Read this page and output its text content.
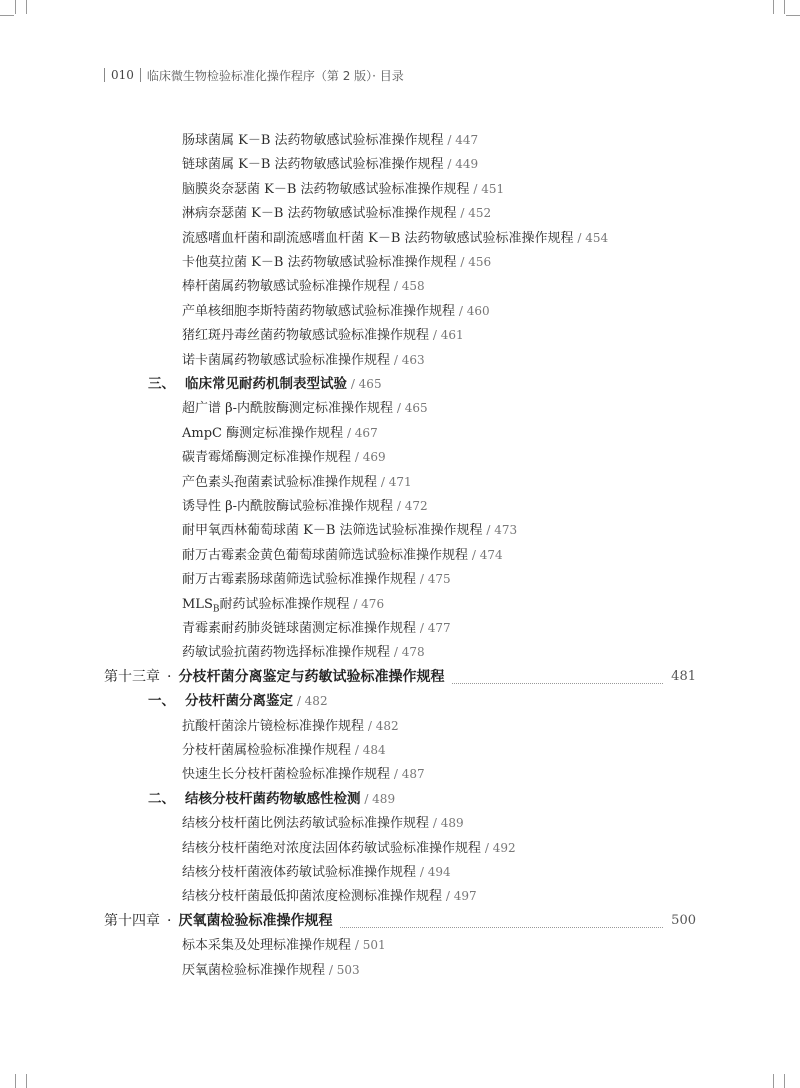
010 临床微生物检验标准化操作程序（第 2 版）· 目录
肠球菌属 K－B 法药物敏感试验标准操作规程 / 447
链球菌属 K－B 法药物敏感试验标准操作规程 / 449
脑膜炎奈瑟菌 K－B 法药物敏感试验标准操作规程 / 451
淋病奈瑟菌 K－B 法药物敏感试验标准操作规程 / 452
流感嗜血杆菌和副流感嗜血杆菌 K－B 法药物敏感试验标准操作规程 / 454
卡他莫拉菌 K－B 法药物敏感试验标准操作规程 / 456
棒杆菌属药物敏感试验标准操作规程 / 458
产单核细胞李斯特菌药物敏感试验标准操作规程 / 460
猪红斑丹毒丝菌药物敏感试验标准操作规程 / 461
诺卡菌属药物敏感试验标准操作规程 / 463
三、 临床常见耐药机制表型试验 / 465
超广谱 β-内酰胺酶测定标准操作规程 / 465
AmpC 酶测定标准操作规程 / 467
碳青霉烯酶测定标准操作规程 / 469
产色素头孢菌素试验标准操作规程 / 471
诱导性 β-内酰胺酶试验标准操作规程 / 472
耐甲氧西林葡萄球菌 K－B 法筛选试验标准操作规程 / 473
耐万古霉素金黄色葡萄球菌筛选试验标准操作规程 / 474
耐万古霉素肠球菌筛选试验标准操作规程 / 475
$MLS_B$耐药试验标准操作规程 / 476
青霉素耐药肺炎链球菌测定标准操作规程 / 477
药敏试验抗菌药物选择标准操作规程 / 478
第十三章 · 分枝杆菌分离鉴定与药敏试验标准操作规程	481
一、 分枝杆菌分离鉴定 / 482
抗酸杆菌涂片镜检标准操作规程 / 482
分枝杆菌属检验标准操作规程 / 484
快速生长分枝杆菌检验标准操作规程 / 487
二、 结核分枝杆菌药物敏感性检测 / 489
结核分枝杆菌比例法药敏试验标准操作规程 / 489
结核分枝杆菌绝对浓度法固体药敏试验标准操作规程 / 492
结核分枝杆菌液体药敏试验标准操作规程 / 494
结核分枝杆菌最低抑菌浓度检测标准操作规程 / 497
第十四章 · 厌氧菌检验标准操作规程	500
标本采集及处理标准操作规程 / 501
厌氧菌检验标准操作规程 / 503
